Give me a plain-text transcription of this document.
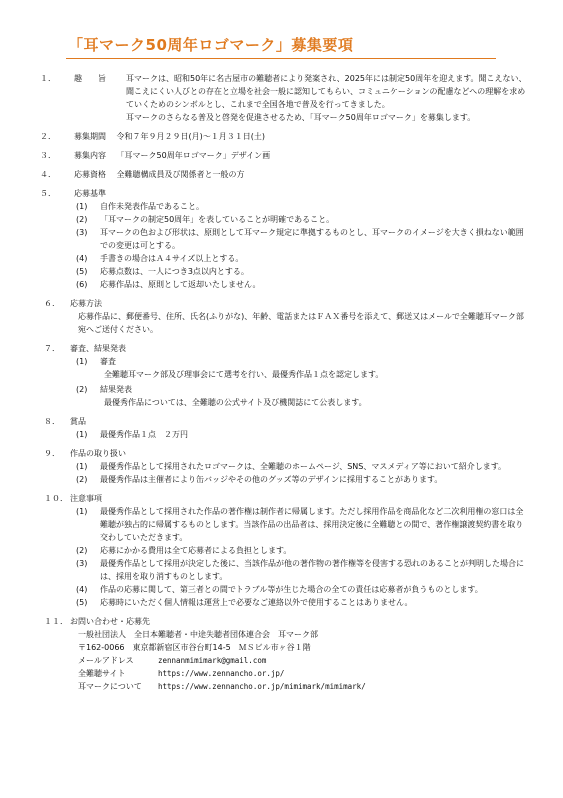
「耳マーク50周年ロゴマーク」募集要項
１． 趣　　旨	耳マークは、昭和50年に名古屋市の難聴者により発案され、2025年には制定50周年を迎えます。聞こえない、聞こえにくい人びとの存在と立場を社会一般に認知してもらい、コミュニケーションの配慮などへの理解を求めていくためのシンボルとし、これまで全国各地で普及を行ってきました。
耳マークのさらなる普及と啓発を促進させるため、「耳マーク50周年ロゴマーク」を募集します。
２． 募集期間 令和７年９月２９日(月)～１月３１日(土)
３． 募集内容 「耳マーク50周年ロゴマーク」デザイン画
４． 応募資格 全難聴構成員及び関係者と一般の方
５． 応募基準
(1)	自作未発表作品であること。
(2)	「耳マークの制定50周年」を表していることが明確であること。
(3)	耳マークの色および形状は、原則として耳マーク規定に準拠するものとし、耳マークのイメージを大きく損ねない範囲での変更は可とする。
(4)	手書きの場合はＡ４サイズ以上とする。
(5)	応募点数は、一人につき3点以内とする。
(6)	応募作品は、原則として返却いたしません。
６. 応募方法
応募作品に、郵便番号、住所、氏名(ふりがな)、年齢、電話またはＦＡＸ番号を添えて、郵送又はメールで全難聴耳マーク部宛へご送付ください。
７． 審査、結果発表
(1)	審査
全難聴耳マーク部及び理事会にて選考を行い、最優秀作品１点を認定します。
(2)	結果発表
最優秀作品については、全難聴の公式サイト及び機関誌にて公表します。
８． 賞品
(1)	最優秀作品１点　２万円
９． 作品の取り扱い
(1)	最優秀作品として採用されたロゴマークは、全難聴のホームページ、SNS、マスメディア等において紹介します。
(2)	最優秀作品は主催者により缶バッジやその他のグッズ等のデザインに採用することがあります。
１０． 注意事項
(1)	最優秀作品として採用された作品の著作権は制作者に帰属します。ただし採用作品を商品化など二次利用権の窓口は全難聴が独占的に帰属するものとします。当該作品の出品者は、採用決定後に全難聴との間で、著作権譲渡契約書を取り交わしていただきます。
(2)	応募にかかる費用は全て応募者による負担とします。
(3)	最優秀作品として採用が決定した後に、当該作品が他の著作物の著作権等を侵害する恐れのあることが判明した場合には、採用を取り消すものとします。
(4)	作品の応募に関して、第三者との間でトラブル等が生じた場合の全ての責任は応募者が負うものとします。
(5)	応募時にいただく個人情報は運営上で必要なご連絡以外で使用することはありません。
１１． お問い合わせ・応募先
一般社団法人　全日本難聴者・中途失聴者団体連合会　耳マーク部
〒162-0066　東京都新宿区市谷台町14-5　ＭＳビル市ヶ谷１階
メールアドレス	zennanmimimark@gmail.com
全難聴サイト	https://www.zennancho.or.jp/
耳マークについて	https://www.zennancho.or.jp/mimimark/mimimark/
